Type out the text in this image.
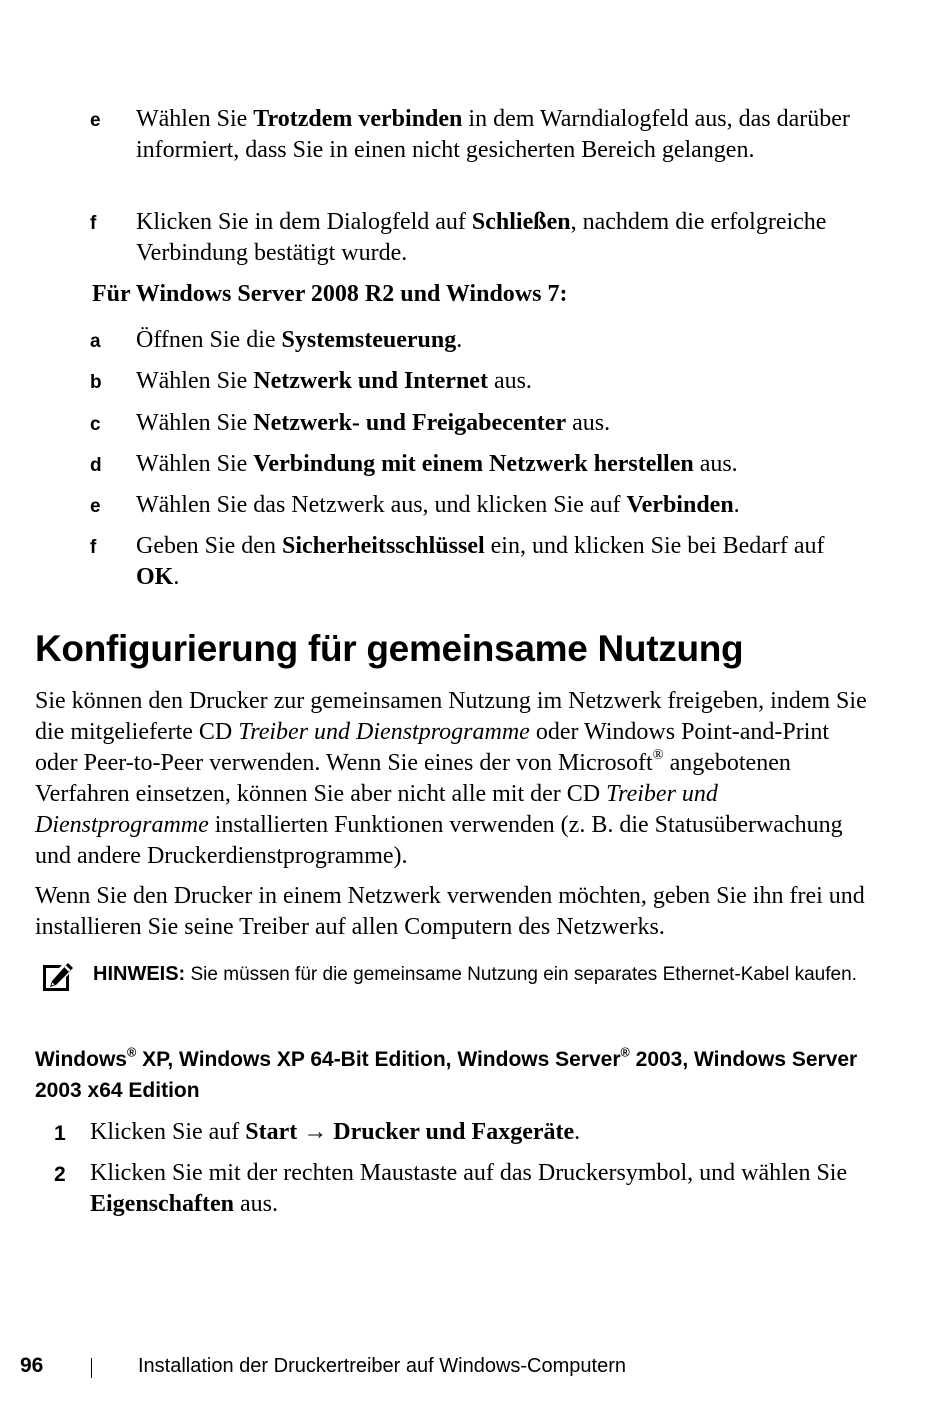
e	Wählen Sie Trotzdem verbinden in dem Warndialogfeld aus, das darüber informiert, dass Sie in einen nicht gesicherten Bereich gelangen.
f	Klicken Sie in dem Dialogfeld auf Schließen, nachdem die erfolgreiche Verbindung bestätigt wurde.
Für Windows Server 2008 R2 und Windows 7:
a	Öffnen Sie die Systemsteuerung.
b	Wählen Sie Netzwerk und Internet aus.
c	Wählen Sie Netzwerk- und Freigabecenter aus.
d	Wählen Sie Verbindung mit einem Netzwerk herstellen aus.
e	Wählen Sie das Netzwerk aus, und klicken Sie auf Verbinden.
f	Geben Sie den Sicherheitsschlüssel ein, und klicken Sie bei Bedarf auf OK.
Konfigurierung für gemeinsame Nutzung

Sie können den Drucker zur gemeinsamen Nutzung im Netzwerk freigeben, indem Sie die mitgelieferte CD Treiber und Dienstprogramme oder Windows Point-and-Print oder Peer-to-Peer verwenden. Wenn Sie eines der von Microsoft® angebotenen Verfahren einsetzen, können Sie aber nicht alle mit der CD Treiber und Dienstprogramme installierten Funktionen verwenden (z. B. die Statusüberwachung und andere Druckerdienstprogramme).

Wenn Sie den Drucker in einem Netzwerk verwenden möchten, geben Sie ihn frei und installieren Sie seine Treiber auf allen Computern des Netzwerks.

HINWEIS: Sie müssen für die gemeinsame Nutzung ein separates Ethernet-Kabel kaufen.
Windows® XP, Windows XP 64-Bit Edition, Windows Server® 2003, Windows Server 2003 x64 Edition
1	Klicken Sie auf Start → Drucker und Faxgeräte.
2	Klicken Sie mit der rechten Maustaste auf das Druckersymbol, und wählen Sie Eigenschaften aus.
96	Installation der Druckertreiber auf Windows-Computern
